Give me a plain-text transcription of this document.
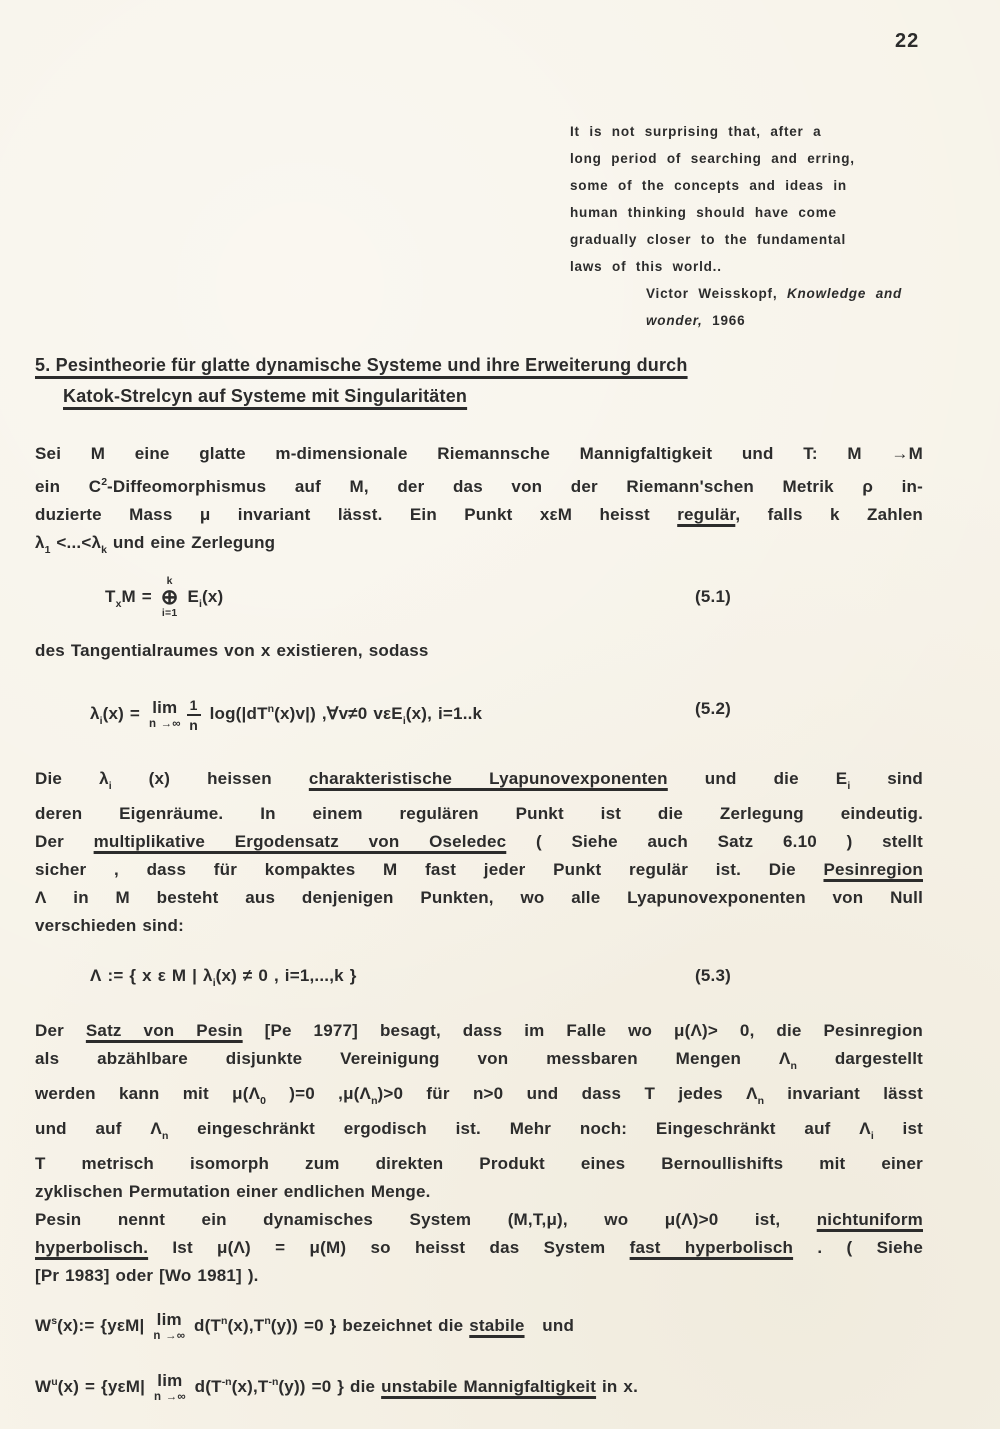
22
It is not surprising that, after a
long period of searching and erring,
some of the concepts and ideas in
human thinking should have come
gradually closer to the fundamental
laws of this world..
Victor Weisskopf, Knowledge and
wonder, 1966
5. Pesintheorie für glatte dynamische Systeme und ihre Erweiterung durch
Katok-Strelcyn auf Systeme mit Singularitäten
Sei M eine glatte m-dimensionale Riemannsche Mannigfaltigkeit und T: M →M
ein $C^2$-Diffeomorphismus auf M, der das von der Riemann'schen Metrik ρ in-
duzierte Mass μ invariant lässt. Ein Punkt xεM heisst regulär, falls k Zahlen
$\lambda_1 <...<\lambda_k$ und eine Zerlegung
$T_xM$ =
k
⊕
i=1
$E_i(x)$	(5.1)
des Tangentialraumes von x existieren, sodass
$\lambda_i(x) = \lim$
n →∞ $\frac{1}{n} \log(|dT^n(x)v|)$ ,∀v≠0 vεE$_i$(x), i=1..k	(5.2)
Die $\lambda_i$ (x) heissen charakteristische Lyapunovexponenten und die $E_i$ sind
deren Eigenräume. In einem regulären Punkt ist die Zerlegung eindeutig.
Der multiplikative Ergodensatz von Oseledec ( Siehe auch Satz 6.10 ) stellt
sicher , dass für kompaktes M fast jeder Punkt regulär ist. Die Pesinregion
Λ in M besteht aus denjenigen Punkten, wo alle Lyapunovexponenten von Null
verschieden sind:
Λ := { x ε M | $\lambda_i(x) \ne 0$ , i=1,...,k }	(5.3)
Der Satz von Pesin [Pe 1977] besagt, dass im Falle wo μ(Λ)> 0, die Pesinregion
als abzählbare disjunkte Vereinigung von messbaren Mengen $\Lambda_n$ dargestellt
werden kann mit $\mu(\Lambda_0$ )=0 $,\mu(\Lambda_n)>0$ für n>0 und dass T jedes $\Lambda_n$ invariant lässt
und auf $\Lambda_n$ eingeschränkt ergodisch ist. Mehr noch: Eingeschränkt auf $\Lambda_i$ ist
T metrisch isomorph zum direkten Produkt eines Bernoullishifts mit einer
zyklischen Permutation einer endlichen Menge.
Pesin nennt ein dynamisches System (M,T,μ), wo μ(Λ)>0 ist, nichtuniform
hyperbolisch. Ist μ(Λ) = μ(M) so heisst das System fast hyperbolisch . ( Siehe
[Pr 1983] oder [Wo 1981] ).
$W^s(x):= \{y\varepsilon M|$ lim
n →∞
$d(T^n(x),T^n(y)) =0$ } bezeichnet die stabile   und
$W^u(x) = \{y\varepsilon M|$ lim
n →∞
$d(T^{-n}(x),T^{-n}(y)) =0$ } die unstabile Mannigfaltigkeit in x.
